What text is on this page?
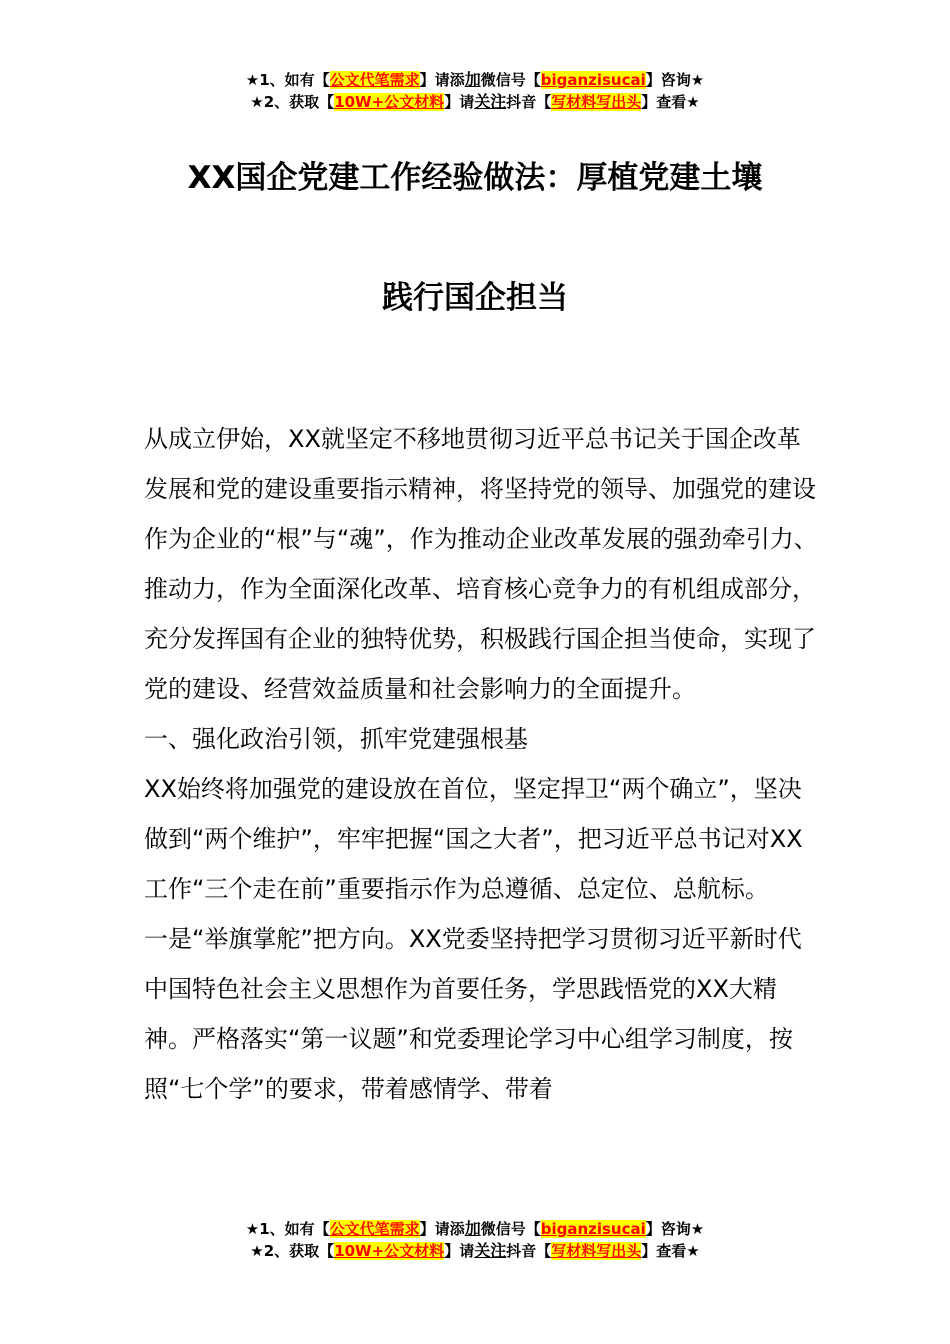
★1、如有【公文代笔需求】请添加微信号【biganzisucai】咨询★
★2、获取【10W+公文材料】请关注抖音【写材料写出头】查看★
XX国企党建工作经验做法：厚植党建土壤
践行国企担当

从成立伊始，XX就坚定不移地贯彻习近平总书记关于国企改革发展和党的建设重要指示精神，将坚持党的领导、加强党的建设作为企业的“根”与“魂”，作为推动企业改革发展的强劲牵引力、推动力，作为全面深化改革、培育核心竞争力的有机组成部分，充分发挥国有企业的独特优势，积极践行国企担当使命，实现了党的建设、经营效益质量和社会影响力的全面提升。

一、强化政治引领，抓牢党建强根基

XX始终将加强党的建设放在首位，坚定捍卫“两个确立”，坚决做到“两个维护”，牢牢把握“国之大者”，把习近平总书记对XX工作“三个走在前”重要指示作为总遵循、总定位、总航标。

一是“举旗掌舵”把方向。XX党委坚持把学习贯彻习近平新时代中国特色社会主义思想作为首要任务，学思践悟党的XX大精神。严格落实“第一议题”和党委理论学习中心组学习制度，按照“七个学”的要求，带着感情学、带着

★1、如有【公文代笔需求】请添加微信号【biganzisucai】咨询★
★2、获取【10W+公文材料】请关注抖音【写材料写出头】查看★
